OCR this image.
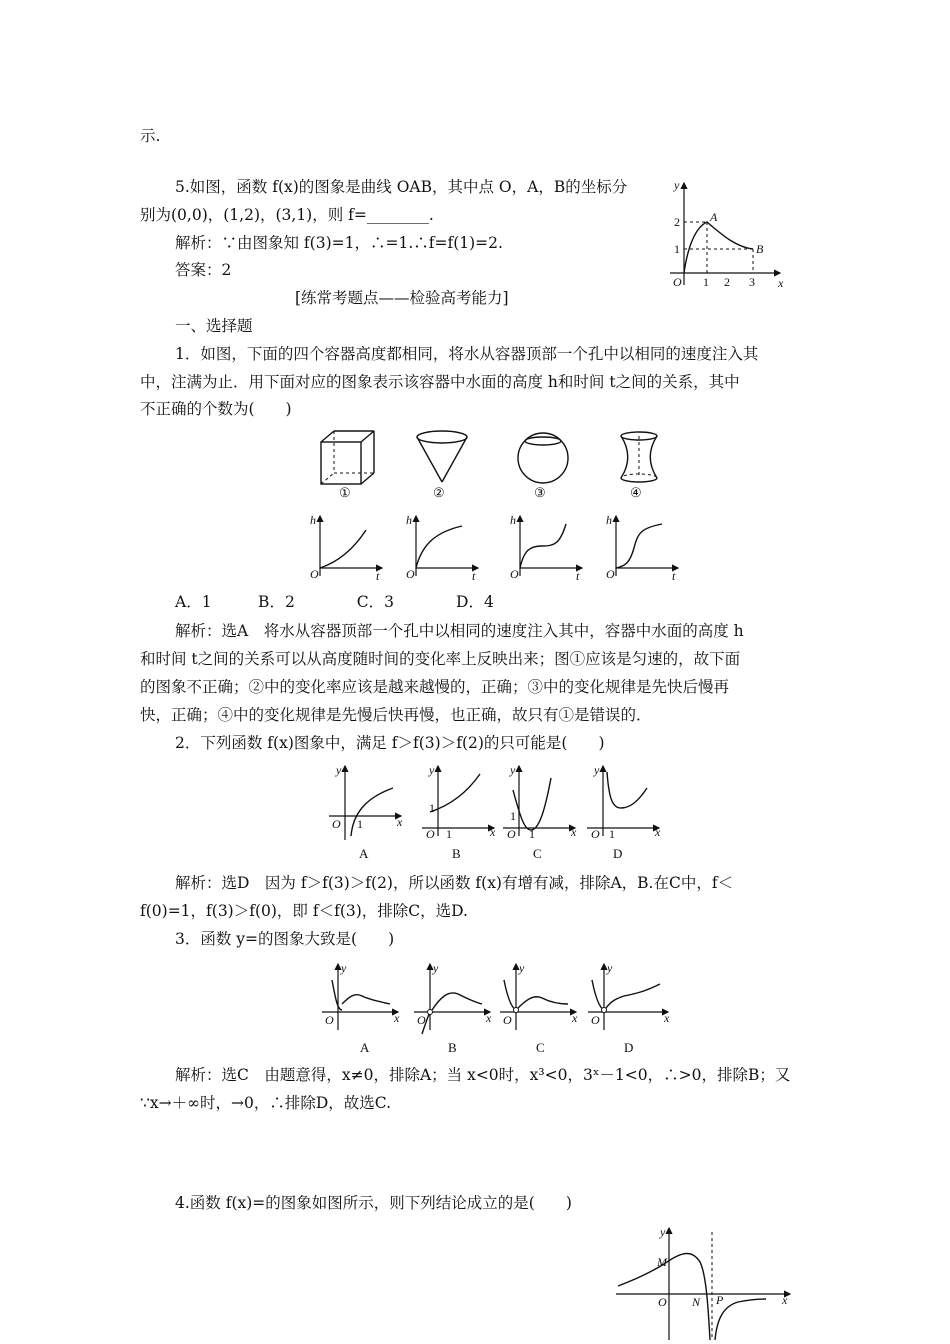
示.
5.如图，函数 f(x)的图象是曲线 OAB，其中点 O，A，B的坐标分
别为(0,0)，(1,2)，(3,1)，则 f=________.
解析：∵由图象知 f(3)=1，∴=1.∴f=f(1)=2.
答案：2
[练常考题点——检验高考能力]
一、选择题
1．如图，下面的四个容器高度都相同，将水从容器顶部一个孔中以相同的速度注入其
中，注满为止．用下面对应的图象表示该容器中水面的高度 h和时间 t之间的关系，其中
不正确的个数为(　　)
A．1　　　B．2　　　　C．3　　　　D．4
解析：选A　将水从容器顶部一个孔中以相同的速度注入其中，容器中水面的高度 h
和时间 t之间的关系可以从高度随时间的变化率上反映出来；图①应该是匀速的，故下面
的图象不正确；②中的变化率应该是越来越慢的，正确；③中的变化规律是先快后慢再
快，正确；④中的变化规律是先慢后快再慢，也正确，故只有①是错误的．
2．下列函数 f(x)图象中，满足 f＞f(3)＞f(2)的只可能是(　　)
解析：选D　因为 f＞f(3)＞f(2)，所以函数 f(x)有增有减，排除A，B.在C中，f＜
f(0)=1，f(3)＞f(0)，即 f＜f(3)，排除C，选D.
3．函数 y=的图象大致是(　　)
解析：选C　由题意得，x≠0，排除A；当 x<0时，x³<0，3ˣ－1<0，∴>0，排除B；又
∵x→＋∞时，→0，∴排除D，故选C.
4.函数 f(x)=的图象如图所示，则下列结论成立的是(　　)
y
x
O
A
B
1 2 3
1
2
①	②	③	④
h
O	t
h
O	t
h
O	t
h
O	t
y
x
O 1
A
y
x
O
1
1
B
y
x
O
1
1
C
y
x
O 1
D
y
x
O
A
y
x
O
B
y
x
O
C
y
x
O
D
y
x
O
M
N P
